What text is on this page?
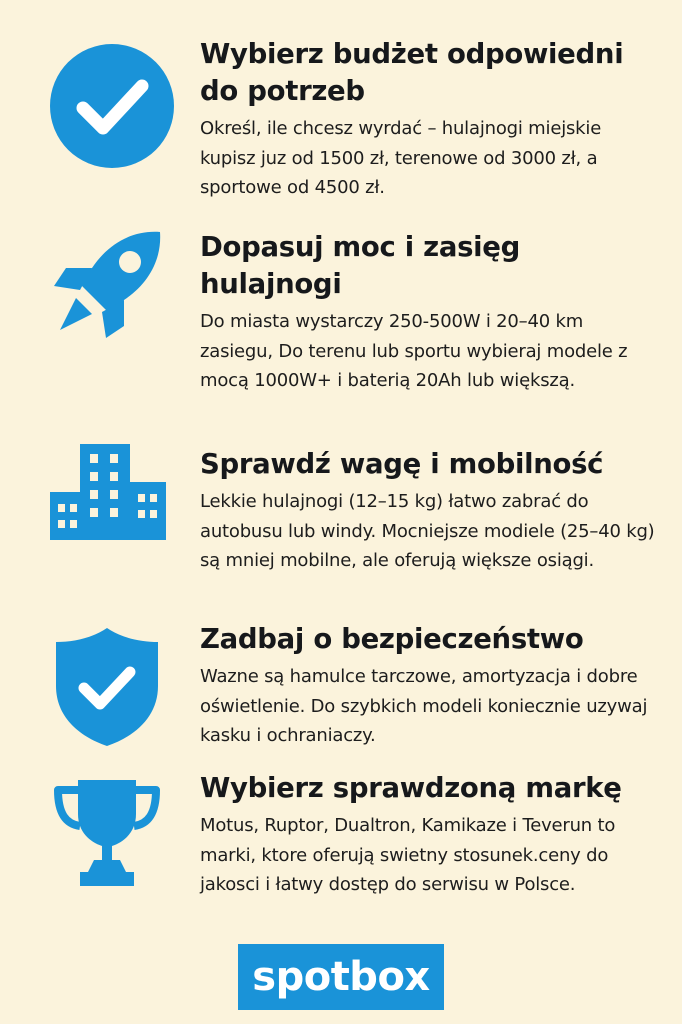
Wybierz budżet odpowiedni do potrzeb

Określ, ile chcesz wyrdać – hulajnogi miejskie kupisz juz od 1500 zł, terenowe od 3000 zł, a sportowe od 4500 zł.

Dopasuj moc i zasięg hulajnogi

Do miasta wystarczy 250-500W i 20–40 km zasiegu, Do terenu lub sportu wybieraj modele z mocą 1000W+ i baterią 20Ah lub większą.

Sprawdź wagę i mobilność

Lekkie hulajnogi (12–15 kg) łatwo zabrać do autobusu lub windy. Mocniejsze modiele (25–40 kg) są mniej mobilne, ale oferują większe osiągi.

Zadbaj o bezpieczeństwo

Wazne są hamulce tarczowe, amortyzacja i dobre oświetlenie. Do szybkich modeli koniecznie uzywaj kasku i ochraniaczy.

Wybierz sprawdzoną markę

Motus, Ruptor, Dualtron, Kamikaze i Teverun to marki, ktore oferują swietny stosunek.ceny do jakosci i łatwy dostęp do serwisu w Polsce.

spotbox
